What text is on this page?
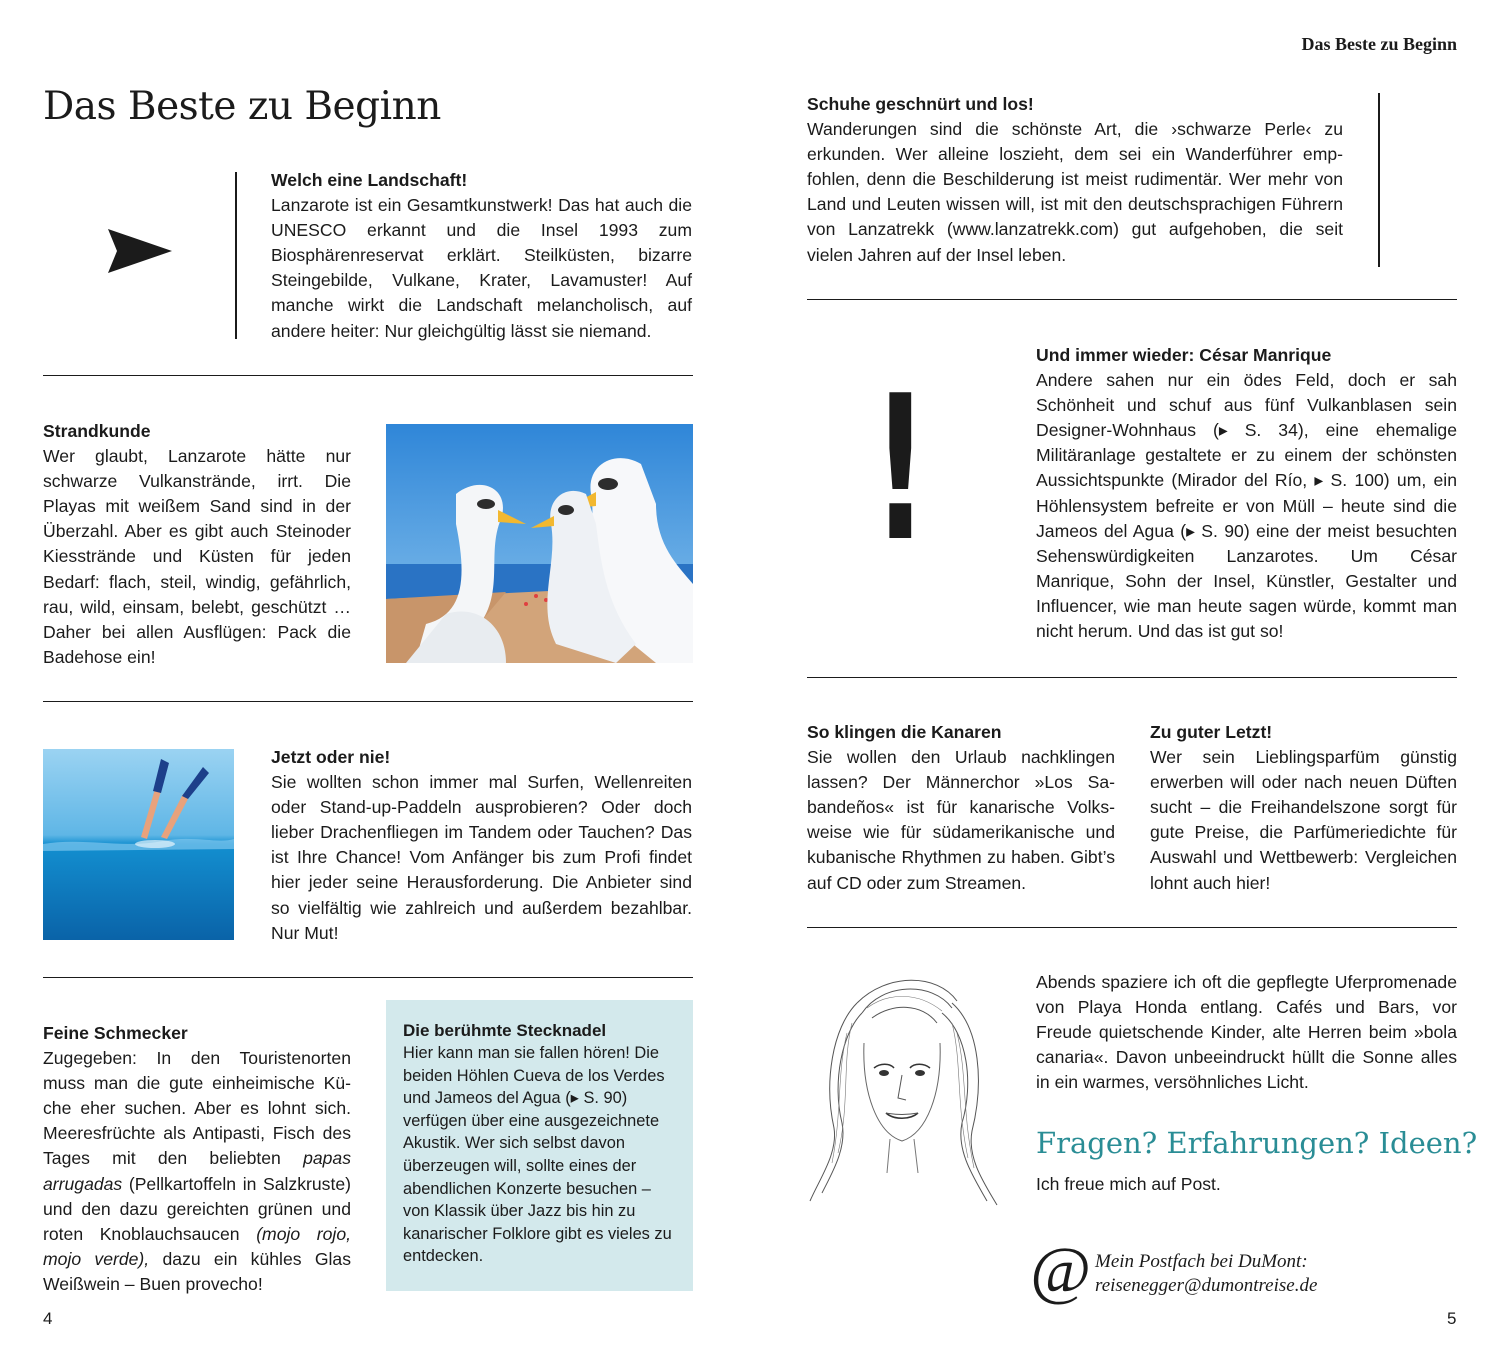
Das Beste zu Beginn
Das Beste zu Beginn
Welch eine Landschaft!

Lanzarote ist ein Gesamtkunstwerk! Das hat auch die UNESCO erkannt und die Insel 1993 zum Biosphärenreservat erklärt. Steilküsten, bizarre Steingebilde, Vulkane, Krater, Lavamuster! Auf manche wirkt die Landschaft melancholisch, auf andere heiter: Nur gleichgültig lässt sie niemand.

Strandkunde

Wer glaubt, Lanzarote hätte nur schwarze Vulkanstrände, irrt. Die Playas mit weißem Sand sind in der Überzahl. Aber es gibt auch Steinoder Kiesstrände und Küsten für jeden Bedarf: flach, steil, windig, gefährlich, rau, wild, einsam, belebt, geschützt … Daher bei allen Ausflügen: Pack die Badehose ein!

Jetzt oder nie!

Sie wollten schon immer mal Surfen, Wellenreiten oder Stand-up-Paddeln ausprobieren? Oder doch lieber Drachenfliegen im Tandem oder Tauchen? Das ist Ihre Chance! Vom Anfänger bis zum Profi findet hier jeder seine Herausforderung. Die Anbieter sind so vielfältig wie zahlreich und außerdem bezahlbar. Nur Mut!

Feine Schmecker

Zugegeben: In den Touristenorten muss man die gute einheimische Küche eher suchen. Aber es lohnt sich. Meeresfrüchte als Antipasti, Fisch des Tages mit den beliebten papas arrugadas (Pellkartoffeln in Salzkruste) und den dazu gereichten grünen und roten Knoblauchsaucen (mojo rojo, mojo verde), dazu ein kühles Glas Weißwein – Buen provecho!

Die berühmte Stecknadel
Hier kann man sie fallen hören! Die beiden Höhlen Cueva de los Verdes und Jameos del Agua (▸ S. 90) verfügen über eine ausgezeichnete Akustik. Wer sich selbst davon überzeugen will, sollte eines der abendlichen Konzerte besuchen – von Klassik über Jazz bis hin zu kanarischer Folklore gibt es vieles zu entdecken.
4
Schuhe geschnürt und los!

Wanderungen sind die schönste Art, die ›schwarze Perle‹ zu erkunden. Wer alleine loszieht, dem sei ein Wanderführer empfohlen, denn die Beschilderung ist meist rudimentär. Wer mehr von Land und Leuten wissen will, ist mit den deutschsprachigen Führern von Lanzatrekk (www.lanzatrekk.com) gut aufgehoben, die seit vielen Jahren auf der Insel leben.

!	Und immer wieder: César Manrique

Andere sahen nur ein ödes Feld, doch er sah Schönheit und schuf aus fünf Vulkanblasen sein Designer-Wohnhaus (▸ S. 34), eine ehemalige Militäranlage gestaltete er zu einem der schönsten Aussichtspunkte (Mirador del Río, ▸ S. 100) um, ein Höhlensystem befreite er von Müll – heute sind die Jameos del Agua (▸ S. 90) eine der meist besuchten Sehenswürdigkeiten Lanzarotes. Um César Manrique, Sohn der Insel, Künstler, Gestalter und Influencer, wie man heute sagen würde, kommt man nicht herum. Und das ist gut so!

So klingen die Kanaren

Sie wollen den Urlaub nachklingen lassen? Der Männerchor »Los Sabandeños« ist für kanarische Volksweise wie für südamerikanische und kubanische Rhythmen zu haben. Gibt’s auf CD oder zum Streamen.

Zu guter Letzt!

Wer sein Lieblingsparfüm günstig erwerben will oder nach neuen Düften sucht – die Freihandelszone sorgt für gute Preise, die Parfümeriedichte für Auswahl und Wettbewerb: Vergleichen lohnt auch hier!

Abends spaziere ich oft die gepflegte Uferpromenade von Playa Honda entlang. Cafés und Bars, vor Freude quietschende Kinder, alte Herren beim »bola canaria«. Davon unbeeindruckt hüllt die Sonne alles in ein warmes, versöhnliches Licht.

Fragen? Erfahrungen? Ideen?
Ich freue mich auf Post.
@ Mein Postfach bei DuMont:
reisenegger@dumontreise.de
5
